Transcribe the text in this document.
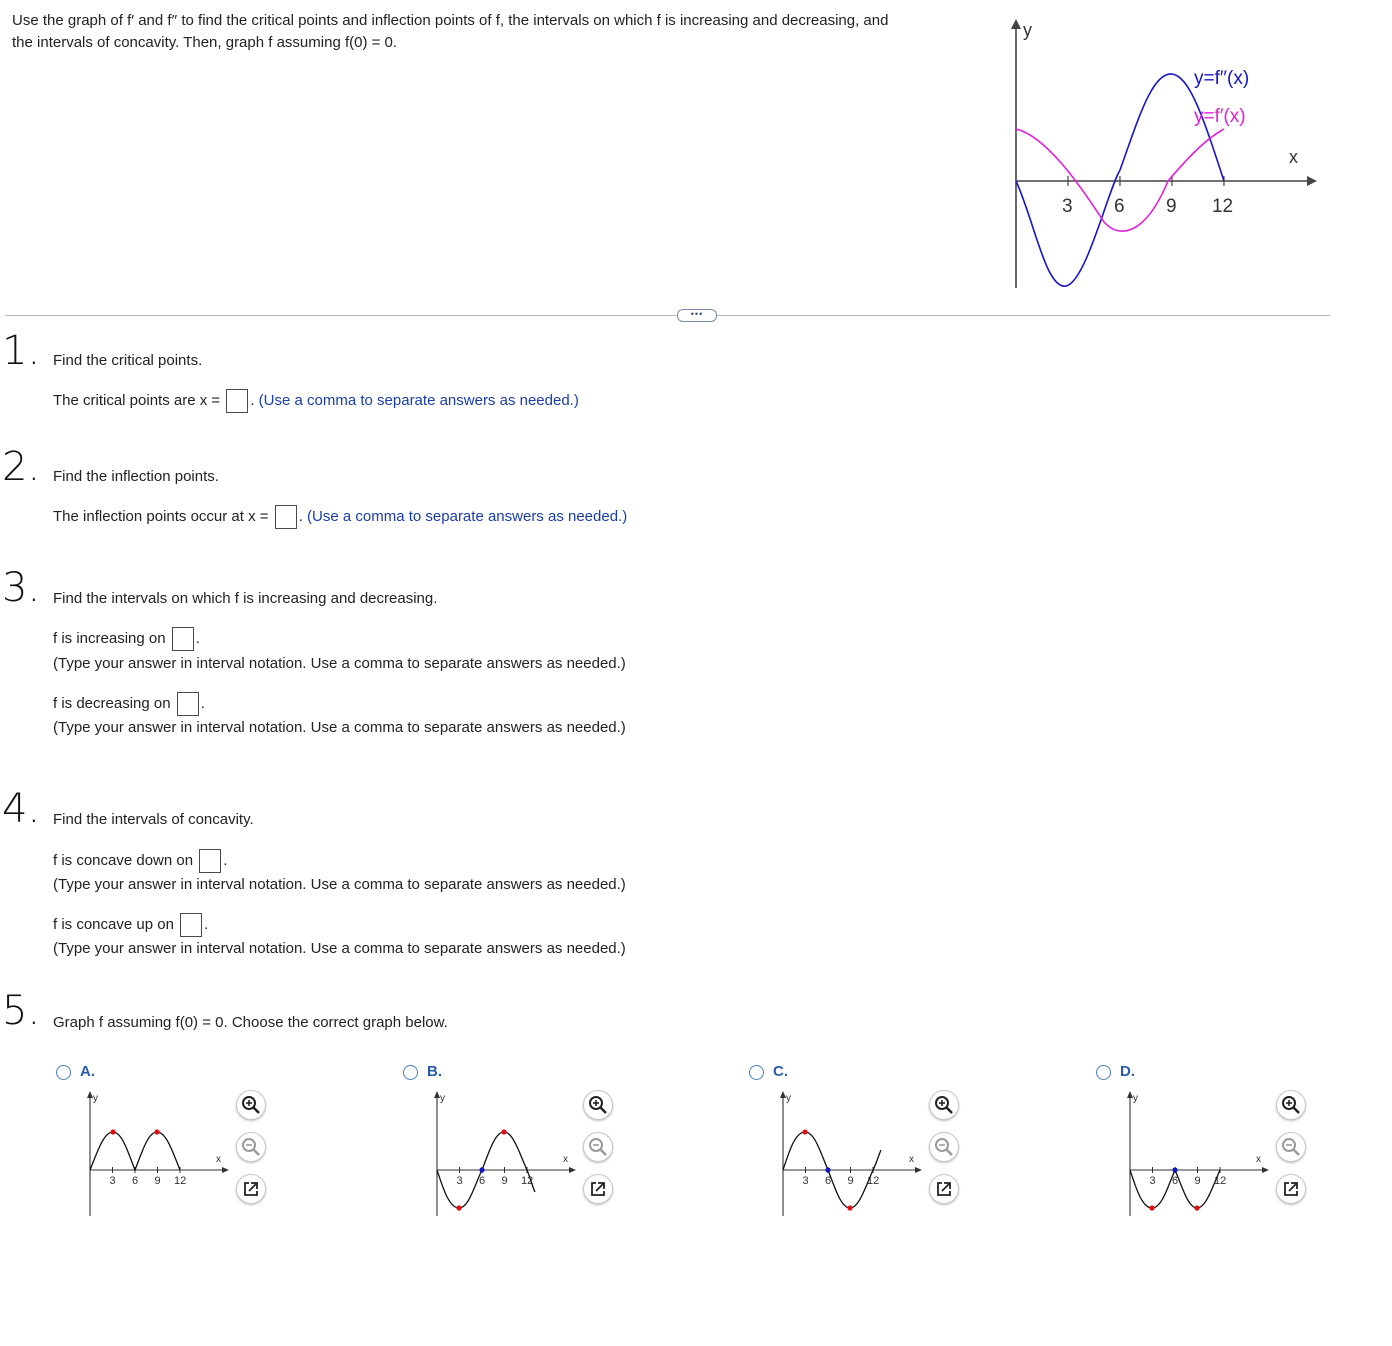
Use the graph of f′ and f′′ to find the critical points and inflection points of f, the intervals on which f is increasing and decreasing, and
the intervals of concavity. Then, graph f assuming f(0) = 0.
y
x
3 6 9 12
y=f′′(x)
y=f′(x)
•••
1. Find the critical points.
The critical points are x = . (Use a comma to separate answers as needed.)
2. Find the inflection points.
The inflection points occur at x = . (Use a comma to separate answers as needed.)
3. Find the intervals on which f is increasing and decreasing.
f is increasing on .
(Type your answer in interval notation. Use a comma to separate answers as needed.)
f is decreasing on .
(Type your answer in interval notation. Use a comma to separate answers as needed.)
4. Find the intervals of concavity.
f is concave down on .
(Type your answer in interval notation. Use a comma to separate answers as needed.)
f is concave up on .
(Type your answer in interval notation. Use a comma to separate answers as needed.)
5. Graph f assuming f(0) = 0. Choose the correct graph below.
A.
y
x
3 6 9 12
B.
y
x
3 6 9 12
C.
y
x
3 6 9 12
D.
y
x
3 6 9 12
